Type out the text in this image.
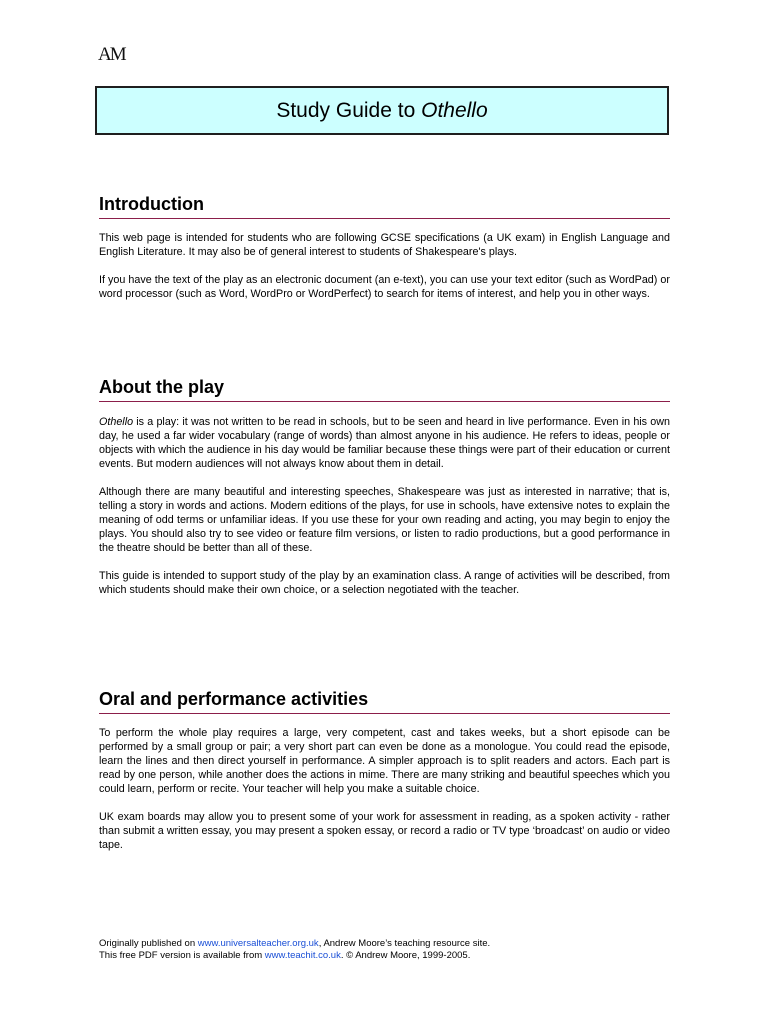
AM
Study Guide to Othello
Introduction

This web page is intended for students who are following GCSE specifications (a UK exam) in English Language and English Literature. It may also be of general interest to students of Shakespeare's plays.

If you have the text of the play as an electronic document (an e-text), you can use your text editor (such as WordPad) or word processor (such as Word, WordPro or WordPerfect) to search for items of interest, and help you in other ways.

About the play

Othello is a play: it was not written to be read in schools, but to be seen and heard in live performance. Even in his own day, he used a far wider vocabulary (range of words) than almost anyone in his audience. He refers to ideas, people or objects with which the audience in his day would be familiar because these things were part of their education or current events. But modern audiences will not always know about them in detail.

Although there are many beautiful and interesting speeches, Shakespeare was just as interested in narrative; that is, telling a story in words and actions. Modern editions of the plays, for use in schools, have extensive notes to explain the meaning of odd terms or unfamiliar ideas. If you use these for your own reading and acting, you may begin to enjoy the plays. You should also try to see video or feature film versions, or listen to radio productions, but a good performance in the theatre should be better than all of these.

This guide is intended to support study of the play by an examination class. A range of activities will be described, from which students should make their own choice, or a selection negotiated with the teacher.

Oral and performance activities

To perform the whole play requires a large, very competent, cast and takes weeks, but a short episode can be performed by a small group or pair; a very short part can even be done as a monologue. You could read the episode, learn the lines and then direct yourself in performance. A simpler approach is to split readers and actors. Each part is read by one person, while another does the actions in mime. There are many striking and beautiful speeches which you could learn, perform or recite. Your teacher will help you make a suitable choice.

UK exam boards may allow you to present some of your work for assessment in reading, as a spoken activity - rather than submit a written essay, you may present a spoken essay, or record a radio or TV type ‘broadcast’ on audio or video tape.

Originally published on www.universalteacher.org.uk, Andrew Moore’s teaching resource site.
This free PDF version is available from www.teachit.co.uk. © Andrew Moore, 1999-2005.
